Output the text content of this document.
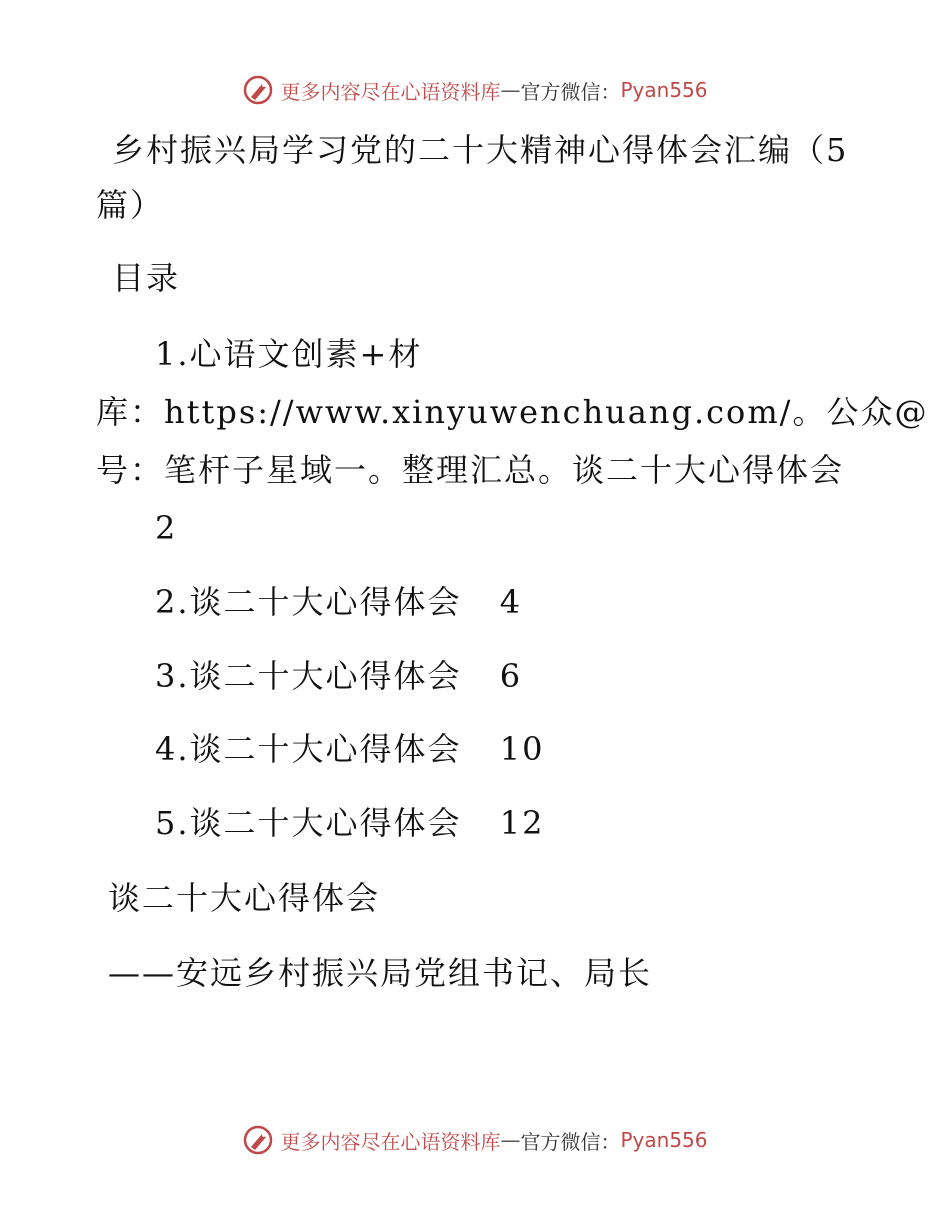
更多内容尽在心语资料库 — 官方微信： Pyan556
乡村振兴局学习党的二十大精神心得体会汇编（5
篇）
目录
1.心语文创素+材
库：https://www.xinyuwenchuang.com/。公众@
号：笔杆子星域一。整理汇总。谈二十大心得体会
2
2.谈二十大心得体会 4
3.谈二十大心得体会 6
4.谈二十大心得体会 10
5.谈二十大心得体会 12
谈二十大心得体会
——安远乡村振兴局党组书记、局长
更多内容尽在心语资料库 — 官方微信： Pyan556
